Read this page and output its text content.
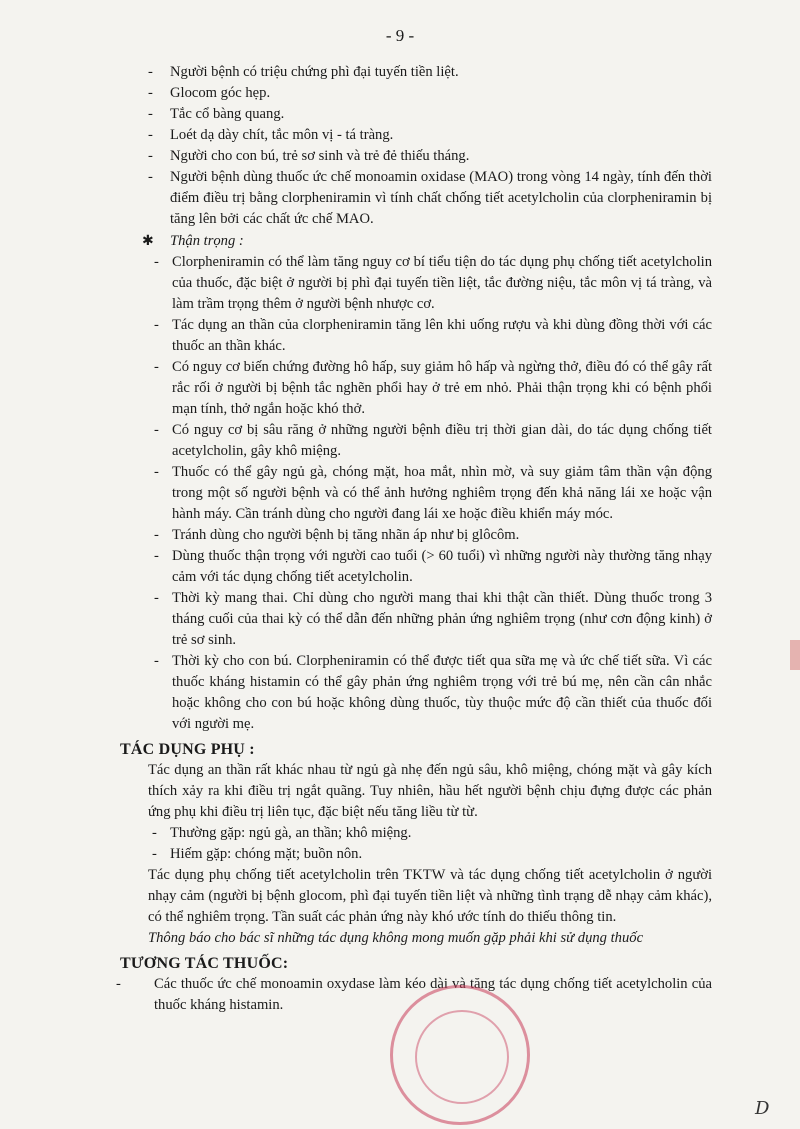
- 9 -
- Người bệnh có triệu chứng phì đại tuyến tiền liệt.
- Glocom góc hẹp.
- Tắc cổ bàng quang.
- Loét dạ dày chít, tắc môn vị - tá tràng.
- Người cho con bú, trẻ sơ sinh và trẻ đẻ thiếu tháng.
- Người bệnh dùng thuốc ức chế monoamin oxidase (MAO) trong vòng 14 ngày, tính đến thời điểm điều trị bằng clorpheniramin vì tính chất chống tiết acetylcholin của clorpheniramin bị tăng lên bởi các chất ức chế MAO.
✱ Thận trọng :
- Clorpheniramin có thể làm tăng nguy cơ bí tiểu tiện do tác dụng phụ chống tiết acetylcholin của thuốc, đặc biệt ở người bị phì đại tuyến tiền liệt, tắc đường niệu, tắc môn vị tá tràng, và làm trầm trọng thêm ở người bệnh nhược cơ.
- Tác dụng an thần của clorpheniramin tăng lên khi uống rượu và khi dùng đồng thời với các thuốc an thần khác.
- Có nguy cơ biến chứng đường hô hấp, suy giảm hô hấp và ngừng thở, điều đó có thể gây rất rắc rối ở người bị bệnh tắc nghẽn phổi hay ở trẻ em nhỏ. Phải thận trọng khi có bệnh phổi mạn tính, thở ngắn hoặc khó thở.
- Có nguy cơ bị sâu răng ở những người bệnh điều trị thời gian dài, do tác dụng chống tiết acetylcholin, gây khô miệng.
- Thuốc có thể gây ngủ gà, chóng mặt, hoa mắt, nhìn mờ, và suy giảm tâm thần vận động trong một số người bệnh và có thể ảnh hưởng nghiêm trọng đến khả năng lái xe hoặc vận hành máy. Cần tránh dùng cho người đang lái xe hoặc điều khiển máy móc.
- Tránh dùng cho người bệnh bị tăng nhãn áp như bị glôcôm.
- Dùng thuốc thận trọng với người cao tuổi (> 60 tuổi) vì những người này thường tăng nhạy cảm với tác dụng chống tiết acetylcholin.
- Thời kỳ mang thai. Chỉ dùng cho người mang thai khi thật cần thiết. Dùng thuốc trong 3 tháng cuối của thai kỳ có thể dẫn đến những phản ứng nghiêm trọng (như cơn động kinh) ở trẻ sơ sinh.
- Thời kỳ cho con bú. Clorpheniramin có thể được tiết qua sữa mẹ và ức chế tiết sữa. Vì các thuốc kháng histamin có thể gây phản ứng nghiêm trọng với trẻ bú mẹ, nên cần cân nhắc hoặc không cho con bú hoặc không dùng thuốc, tùy thuộc mức độ cần thiết của thuốc đối với người mẹ.
TÁC DỤNG PHỤ :
Tác dụng an thần rất khác nhau từ ngủ gà nhẹ đến ngủ sâu, khô miệng, chóng mặt và gây kích thích xảy ra khi điều trị ngắt quãng. Tuy nhiên, hầu hết người bệnh chịu đựng được các phản ứng phụ khi điều trị liên tục, đặc biệt nếu tăng liều từ từ.
- Thường gặp: ngủ gà, an thần; khô miệng.
- Hiếm gặp: chóng mặt; buồn nôn.
Tác dụng phụ chống tiết acetylcholin trên TKTW và tác dụng chống tiết acetylcholin ở người nhạy cảm (người bị bệnh glocom, phì đại tuyến tiền liệt và những tình trạng dễ nhạy cảm khác), có thể nghiêm trọng. Tần suất các phản ứng này khó ước tính do thiếu thông tin.
Thông báo cho bác sĩ những tác dụng không mong muốn gặp phải khi sử dụng thuốc
TƯƠNG TÁC THUỐC:
- Các thuốc ức chế monoamin oxydase làm kéo dài và tăng tác dụng chống tiết acetylcholin của thuốc kháng histamin.
D
